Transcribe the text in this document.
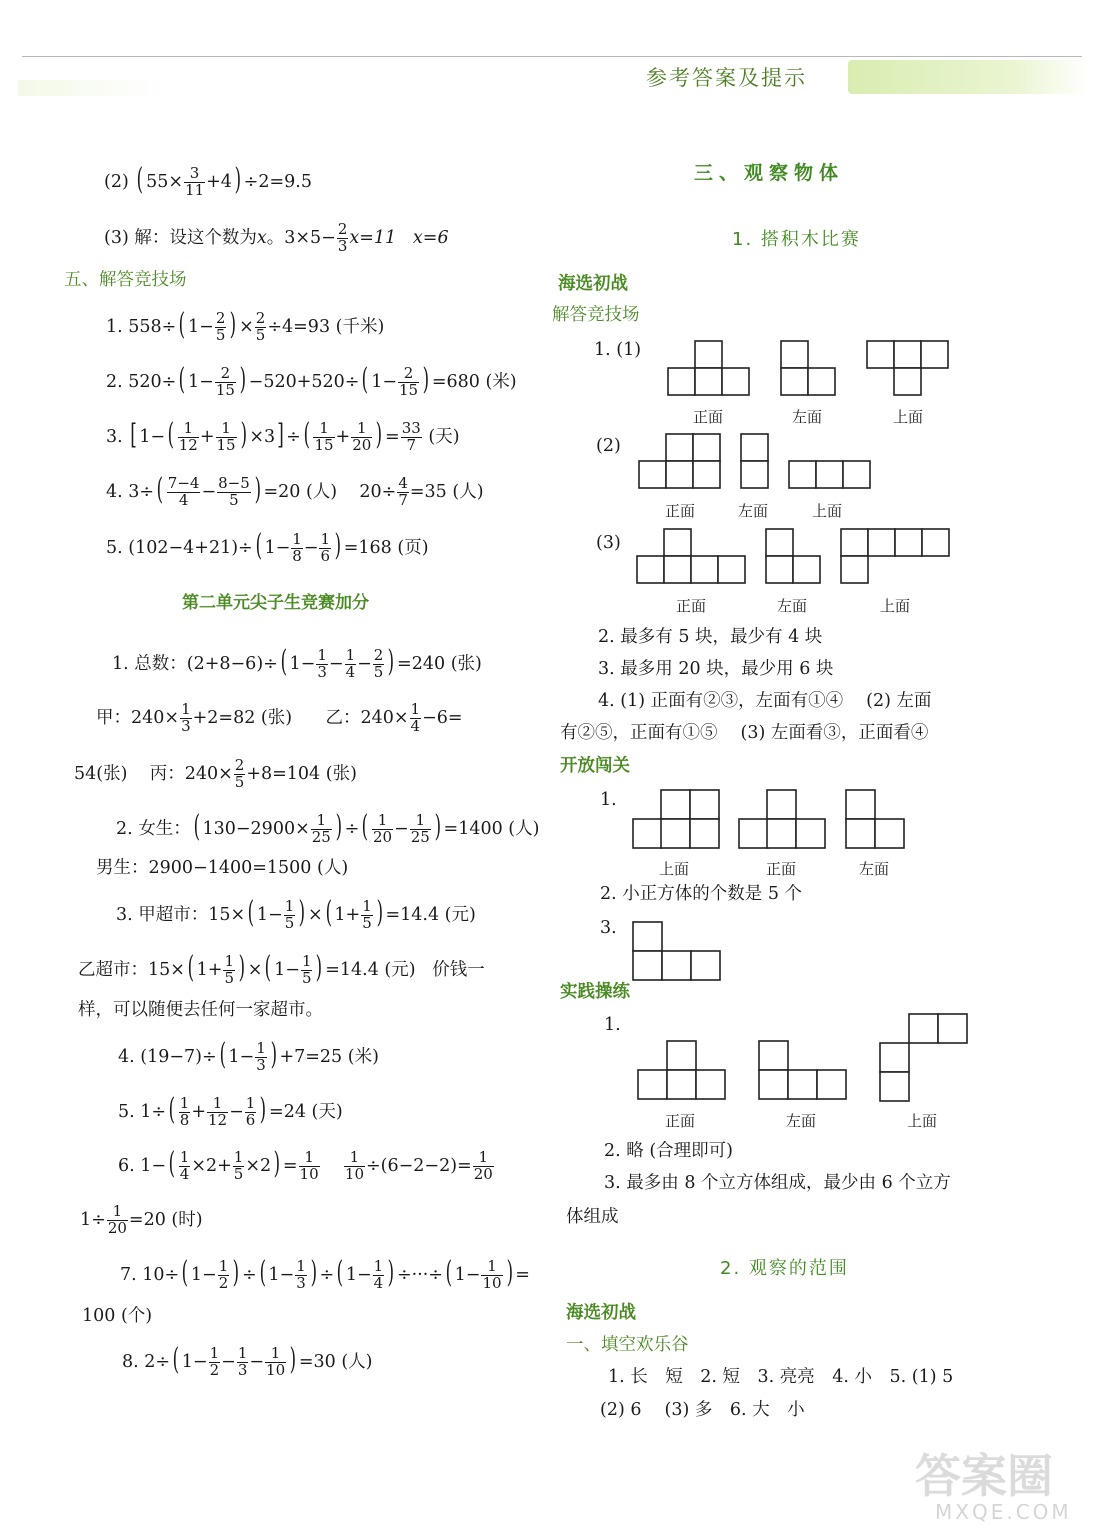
参考答案及提示
(2) ( $55\times \frac{3}{11} +4) \div 2=9.5$
(3) 解：设这个数为x。$3\times 5- \frac{2}{3} x=11$ x=6
五、解答竞技场
1. 558÷( $1- \frac{2}{5}$ ) × $\frac{2}{5} \div 4=93$ (千米)
2. 520÷( $1- \frac{2}{15}$ ) −520+520÷( $1- \frac{2}{15}$ ) =680 (米)
3. [ $1-( \frac{1}{12} + \frac{1}{15}$ ) ×3] ÷( $\frac{1}{15} + \frac{1}{20}$ ) = $\frac{33}{7}$ (天)
4. $3\div( \frac{7-4}{4} - \frac{8-5}{5}$ ) =20 (人)    $20\div \frac{4}{7} =35$ (人)
5. (102−4+21)÷( $1- \frac{1}{8} - \frac{1}{6}$ ) =168 (页)
第二单元尖子生竞赛加分
1. 总数：(2+8−6)÷( $1- \frac{1}{3} - \frac{1}{4} - \frac{2}{5}$ ) =240 (张)
甲：$240\times \frac{1}{3} +2=82$ (张) 乙：$240\times \frac{1}{4} -6=$
54(张) 丙：$240\times \frac{2}{5} +8=104$ (张)
2. 女生：( $130-2900\times \frac{1}{25}$ ) ÷( $\frac{1}{20} - \frac{1}{25}$ ) =1400 (人)
男生：2900−1400=1500 (人)
3. 甲超市：15×( $1- \frac{1}{5}$ ) ×( $1+ \frac{1}{5}$ ) =14.4 (元)
乙超市：15×( $1+ \frac{1}{5}$ ) ×( $1- \frac{1}{5}$ ) =14.4 (元) 价钱一
样，可以随便去任何一家超市。
4. (19−7)÷( $1- \frac{1}{3}$ ) +7=25 (米)
5. $1\div( \frac{1}{8} + \frac{1}{12} - \frac{1}{6}$ ) =24 (天)
6. $1-( \frac{1}{4} \times 2+ \frac{1}{5} \times 2) = \frac{1}{10}$
$\frac{1}{10} \div(6-2-2)= \frac{1}{20}$
$1\div \frac{1}{20} =20$ (时)
7. 10÷( $1- \frac{1}{2}$ ) ÷( $1- \frac{1}{3}$ ) ÷( $1- \frac{1}{4}$ ) ÷···÷( $1- \frac{1}{10}$ ) =
100 (个)
8. 2÷( $1- \frac{1}{2} - \frac{1}{3} - \frac{1}{10}$ ) =30 (人)
三、观察物体
1. 搭积木比赛
海选初战
解答竞技场
1. (1)
正面	左面	上面
(2)
正面	左面	上面
(3)
正面	左面	上面
2. 最多有 5 块，最少有 4 块
3. 最多用 20 块，最少用 6 块
4. (1) 正面有②③，左面有①④　 (2) 左面
有②⑤，正面有①⑤　 (3) 左面看③，正面看④
开放闯关
1.
上面	正面	左面
2. 小正方体的个数是 5 个
3.
实践操练
1.
正面	左面	上面
2. 略 (合理即可)
3. 最多由 8 个立方体组成，最少由 6 个立方
体组成
2. 观察的范围
海选初战
一、填空欢乐谷
1. 长　短　2. 短　3. 亮亮　4. 小　5. (1) 5
(2) 6　 (3) 多　6. 大　小
答案圈
MXQE.COM
